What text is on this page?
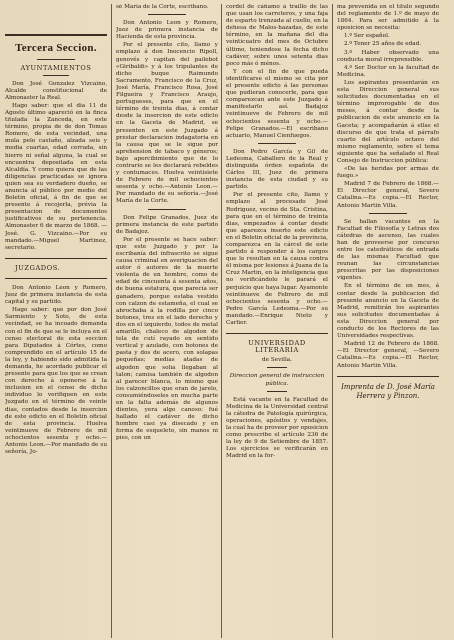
Tercera Seccion.
AYUNTAMIENTOS

Don José Gonzalez Vizcaino, Alcalde constitucional de Almonaster la Real.

Hago saber: que el dia 11 de Agosto último apareció en la finca titulada la Zanceda, en este término, propia de de don Tomas Romero, de esta vecindad, una mula pelo castaño, alzada seis y media cuartas, edad cerrada, sin hierro ni señal alguna, la cual se encuentra depositada en esta Alcaldía. Y como quiera que de las diligencias practicadas se ignora quien sea su verdadero dueño, se anuncia al público por medio del Boletin oficial, á fin de que se presente á recojerla, prévia la presentacion de documentos justificativos de su pertenencia. Almonaster 6 de marzo de 1868. —José. G. Vizcaino.—Por su mandado.—Miguel Martinez, secretario.

JUZGADOS.

Don Antonio Leon y Romero, Juez de primera instancia de esta capital y su partido.

Hago saber: que por don José Sarmiento y Soto, de esta vecindad, se ha incoado demanda con el fin de que se le incluya en el censo electoral de esta seccion para Diputados á Córtes, como comprendido en el artículo 15 de la ley, y habiendo sido admitida la demanda, he acordado publicar el presente para que los que se crean con derecho á oponerse á la inclusion en el censo de dicho individuo lo verifiquen en este Juzgado en el término de veinte dias, contados desde la insercion de este edicto en el Boletin oficial de esta provincia. Huelva veintinueve de Febrero de mil ochocientos sesenta y ocho.—Antonio Leon.—Por mandado de su señoría, Jo-

sé María de la Corte, escribano.

Don Antonio Leon y Romero, Juez de primera instancia de Hacienda de esta provincia.

Por el presente cito, llamo y emplazo á don Inocencio Ripoll, genovés y capitan del pailebot «Giribaldi» y á los tripulantes de dicho buque Raimundo Sacramento, Francisco de la Cruz, José María, Francisco Rosa, José Filgueira y Francisco Araujo, portugueses, para que en el término de treinta dias, á contar desde la insercion de este edicto en la Gaceta de Madrid, se presenten en este Juzgado á prestar declaracion indagatoria en la causa que se le sigue por aprehension de tabaco y géneros; bajo apercibimiento que de lo contrario se les declarará rebeldes y contumaces. Huelva veintisiete de Febrero de mil ochocientos sesenta y ocho.—Antonio Leon.—Por mandado de su señoría.—José María de la Corte.

Don Felipe Granados, Juez de primera instancia de este partido de Badajoz.

Por el presente se hace saber: que este Juzgado y por la escribanía del infrascrito se sigue causa criminal en averiguacion del autor ó autores de la muerte violenta de un hombre, como de edad de cincuenta á sesenta años, de buena estatura, que parecía ser ganadero, porque estaba vestido con calzon de estameña, el cual se abrochaba á la rodilla por cinco botones, tres en el lado derecho y dos en el izquierdo, todos de metal amarillo, chaleco de algodon de tela de cutí rayado en sentido vertical y azulado, con botones de pasta y dos de acero, con solapas pequeñas; medias atadas de algodon que solia llegaban al talon; camisa también de algodon al parecer blanca, lo mismo que los calzoncillos que eran de jarelo, consumiéndoseles en mucha parte en la falta además de algunos dientes, yera algo canoso: fué hallado el cadáver de dicho hombre casi ya disecado y en forma de esqueleto, sin manos ni pies, con un

cordel de cáñamo á traillo de las que usan los carreteros, y una faja de esparto trenzada al cuello, en la dehesa de Malos-hazadas, de este término, en la mañana del dia veinticuatro del mes de Octubre último, teniendose la fecha dicho cadáver, sobre unos setenta dias poco más ó ménos.

Y con el fin de que pueda identificarse el mismo se cita por el presente edicto á las personas que pudieran conocerle, para que comparezcan ante este Juzgado á manifestarlo así. Badajoz veintinueve de Febrero de mil ochocientos sesenta y ocho.—Felipe Granados.—El escribano actuario, Manuel Cienfuegos.

Don Pedro García y Gil de Ledesma, Caballero de la Real y distinguida órden española de Cárlos III, Juez de primera instancia de esta ciudad y su partido.

Por el presente cito, llamo y emplazo al procesado José Rodriguez, vecino de Sta. Cristina, para que en el término de treinta dias, empezados á contar desde que aparezca inserto este edicto en el Boletin oficial de la provincia, comparezca en la cárcel de este partido á responder á los cargos que le resultan en la causa contra él misma por lesiones á Juana de la Cruz Martin, en la inteligencia que no verificándolo le parará el perjuicio que haya lugar. Ayamonte veintinueve de Febrero de mil ochocientos sesenta y ocho.—Pedro García Ledesma.—Por su mandado.—Enrique Nieto y Carlier.

UNIVERSIDAD LITERARIA

de Sevilla.

Direccion general de instruccion pública.

Está vacante en la Facultad de Medicina de la Universidad central la cátedra de Patología quirúrgica, operaciones, apósitos y vendajes, la cual ha de proveer por oposicion como prescribe el artículo 236 de la ley de 9 de Setiembre de 1857. Los ejercicios se verificarán en Madrid en la for-

ma prevenida en el título segundo del reglamento de 1.º de mayo de 1864. Para ser admitido á la oposicion se necesita:

1.º Ser español.

2.º Tener 25 años de edad.

3.º Haber observado una conducta moral irreprensible.

4.º Ser Doctor en la facultad de Medicina.

Los aspirantes presentarán en esta Direccion general sus solicitudes documentadas en el término improrogable de dos meses, á contar desde la publicacion de este anuncio en la Gaceta; y acompañarán á ellas el discurso de que trata el párrafo cuarto del artículo octavo del mismo reglamento, sobre el tema siguiente que ha señalado el Real Consejo de Instruccion pública:

«De las heridas por armas de fuego.»

Madrid 7 de Febrero de 1868.—El Director general, Severo Catalina.—Es copia.—El Rector, Antonio Martin Villa.

Se hallan vacantes en la Facultad de Filosofía y Letras dos cátedras de ascenso, las cuales han de proveerse por concurso entre los catedráticos de entrada de las mismas Facultad que reunan las circunstancias prescritas por las disposiciones vigentes.

En el término de un mes, á contar desde la publicacion del presente anuncio en la Gaceta de Madrid, remitirán los aspirantes sus solicitudes documentadas á esta Direccion general por conducto de los Rectores de las Universidades respectivas.

Madrid 12 de Febrero de 1868.—El Director general, —Severo Catalina.—Es copia.—El Rector, Antonio Martin Villa.

Imprenta de D. José María
Herrera y Pinzon.
